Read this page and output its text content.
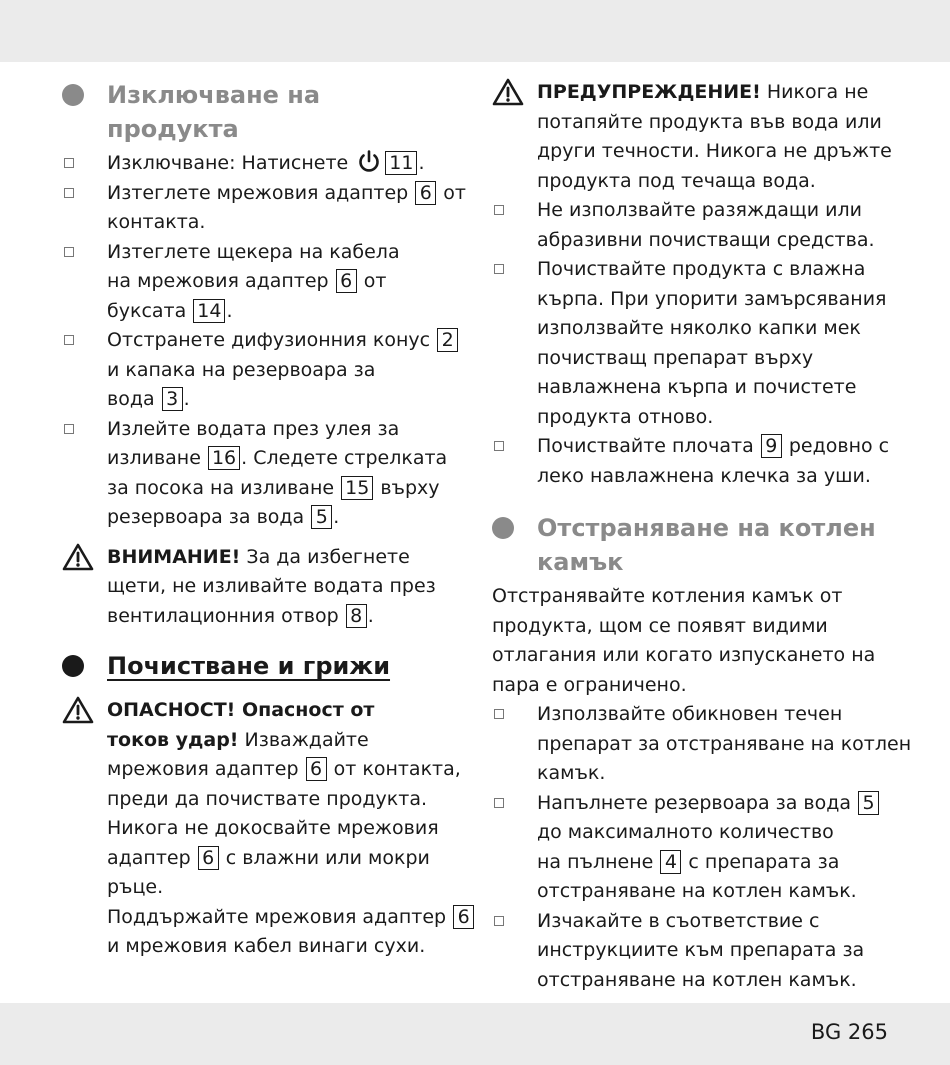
Изключване на
продукта
Изключване: Натиснете 11 .
Изтеглете мрежовия адаптер 6 от
контакта.
Изтеглете щекера на кабела
на мрежовия адаптер 6 от
буксата 14 .
Отстранете дифузионния конус 2
и капака на резервоара за
вода 3 .
Излейте водата през улея за
изливане 16 . Следете стрелката
за посока на изливане 15 върху
резервоара за вода 5 .
ВНИМАНИЕ! За да избегнете
щети, не изливайте водата през
вентилационния отвор 8 .
Почистване и грижи
ОПАСНОСТ! Опасност от
токов удар! Изваждайте
мрежовия адаптер 6 от контакта,
преди да почиствате продукта.
Никога не докосвайте мрежовия
адаптер 6 с влажни или мокри
ръце.
Поддържайте мрежовия адаптер 6
и мрежовия кабел винаги сухи.
ПРЕДУПРЕЖДЕНИЕ! Никога не
потапяйте продукта във вода или
други течности. Никога не дръжте
продукта под течаща вода.
Не използвайте разяждащи или
абразивни почистващи средства.
Почиствайте продукта с влажна
кърпа. При упорити замърсявания
използвайте няколко капки мек
почистващ препарат върху
навлажнена кърпа и почистете
продукта отново.
Почиствайте плочата 9 редовно с
леко навлажнена клечка за уши.
Отстраняване на котлен
камък
Отстранявайте котления камък от
продукта, щом се появят видими
отлагания или когато изпускането на
пара е ограничено.
Използвайте обикновен течен
препарат за отстраняване на котлен
камък.
Напълнете резервоара за вода 5
до максималното количество
на пълнене 4 с препарата за
отстраняване на котлен камък.
Изчакайте в съответствие с
инструкциите към препарата за
отстраняване на котлен камък.
BG 265
